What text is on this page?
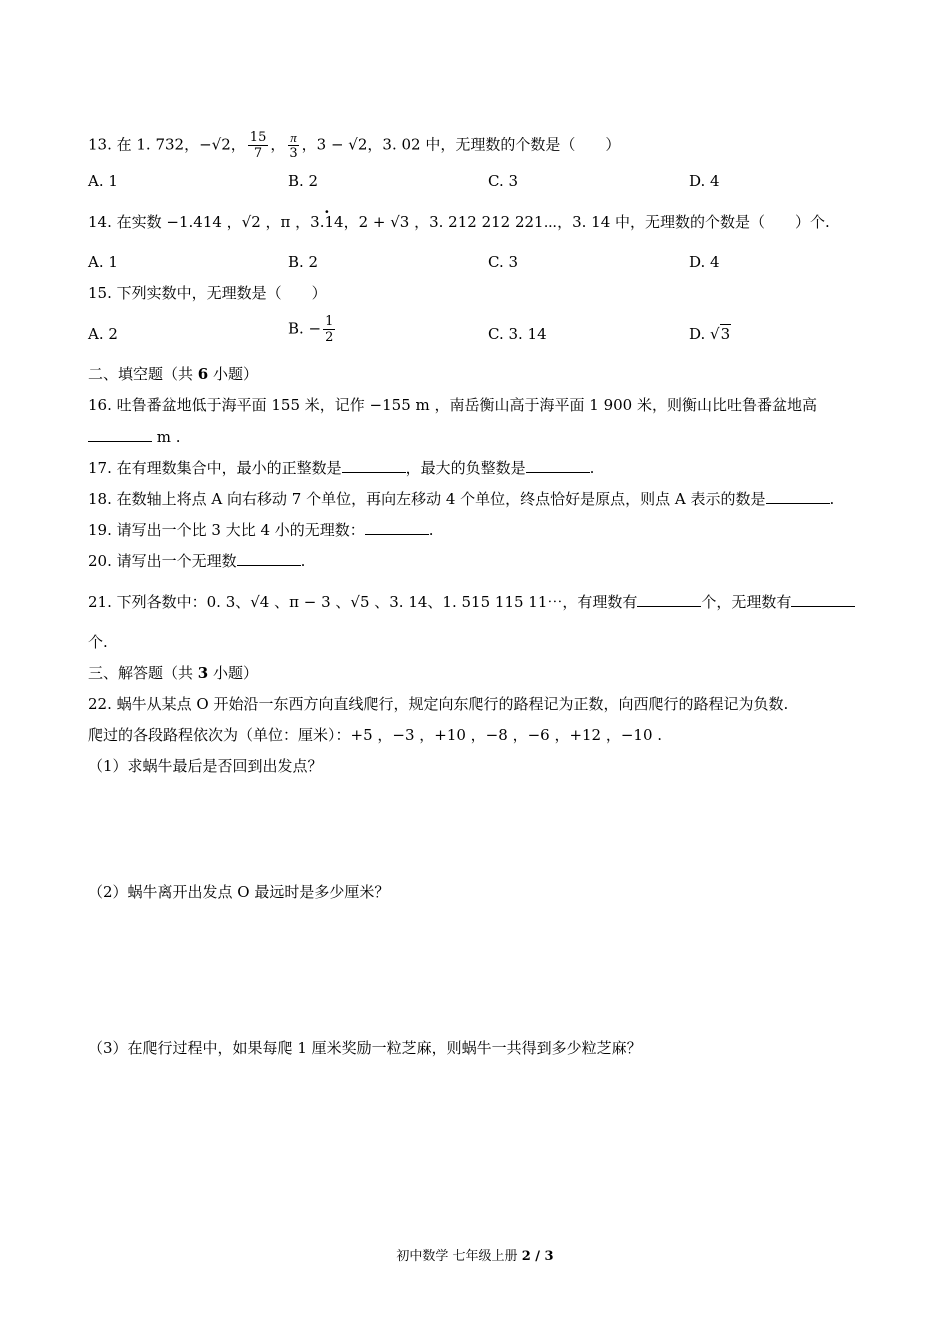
13. 在 1. 732，−√2， $\frac{15}{7}$ ， $\frac{\pi}{3}$ ，3 − √2，3. 02 中，无理数的个数是（　　）
A. 1	B. 2	C. 3	D. 4
14. 在实数 −1.414 ，√2 ，π ，· 3.14，2 + √3 ，3. 212 212 221⋯，3. 14 中，无理数的个数是（　　）个.
A. 1	B. 2	C. 3	D. 4
15. 下列实数中，无理数是（　　）
A. 2	B. − $\frac{1}{2}$	C. 3. 14	D. √3
二、填空题（共 6 小题）
16. 吐鲁番盆地低于海平面 155 米，记作 −155 m ，南岳衡山高于海平面 1 900 米，则衡山比吐鲁番盆地高
m .
17. 在有理数集合中，最小的正整数是	，最大的负整数是	.
18. 在数轴上将点 A 向右移动 7 个单位，再向左移动 4 个单位，终点恰好是原点，则点 A 表示的数是	.
19. 请写出一个比 3 大比 4 小的无理数：	.
20. 请写出一个无理数	.
21. 下列各数中：0. 3、√4 、π − 3 、√5 、3. 14、1. 515 115 11⋯，有理数有	个，无理数有
个.
三、解答题（共 3 小题）
22. 蜗牛从某点 O 开始沿一东西方向直线爬行，规定向东爬行的路程记为正数，向西爬行的路程记为负数.
爬过的各段路程依次为（单位：厘米）：+5 ，−3 ，+10 ，−8 ，−6 ，+12 ，−10 .
（1）求蜗牛最后是否回到出发点？
（2）蜗牛离开出发点 O 最远时是多少厘米？
（3）在爬行过程中，如果每爬 1 厘米奖励一粒芝麻，则蜗牛一共得到多少粒芝麻？
初中数学 七年级上册 2 / 3
